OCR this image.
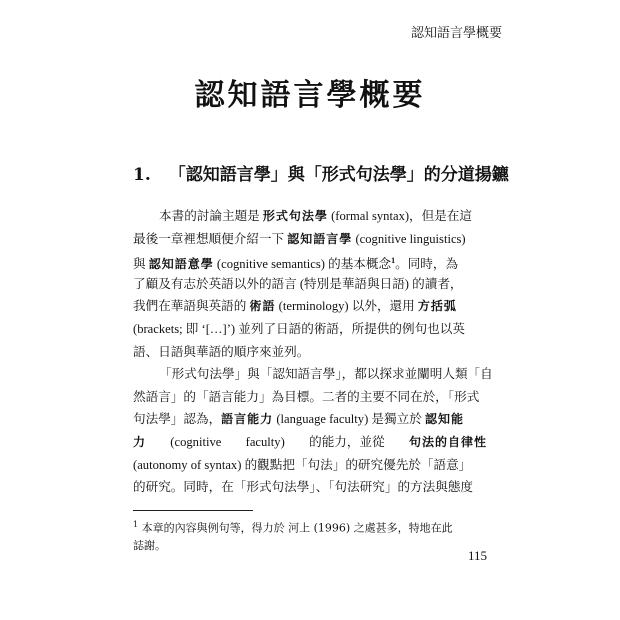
認知語言學概要
認知語言學概要
1. 「認知語言學」與「形式句法學」的分道揚鑣
本書的討論主題是 形式句法學 (formal syntax)，但是在這
最後一章裡想順便介紹一下 認知語言學 (cognitive linguistics)
與 認知語意學 (cognitive semantics) 的基本概念$^1$。同時，為
了顧及有志於英語以外的語言 (特別是華語與日語) 的讀者，
我們在華語與英語的 術語 (terminology) 以外，還用 方括弧
(brackets; 即 ‘[…]’) 並列了日語的術語，所提供的例句也以英
語、日語與華語的順序來並列。
「形式句法學」與「認知語言學」，都以探求並闡明人類「自
然語言」的「語言能力」為目標。二者的主要不同在於，「形式
句法學」認為，語言能力 (language faculty) 是獨立於 認知能
力 (cognitive faculty) 的能力，並從 句法的自律性
(autonomy of syntax) 的觀點把「句法」的研究優先於「語意」
的研究。同時，在「形式句法學」、「句法研究」的方法與態度
$^1$ 本章的內容與例句等，得力於 河上 (1996) 之處甚多，特地在此
誌謝。
115
